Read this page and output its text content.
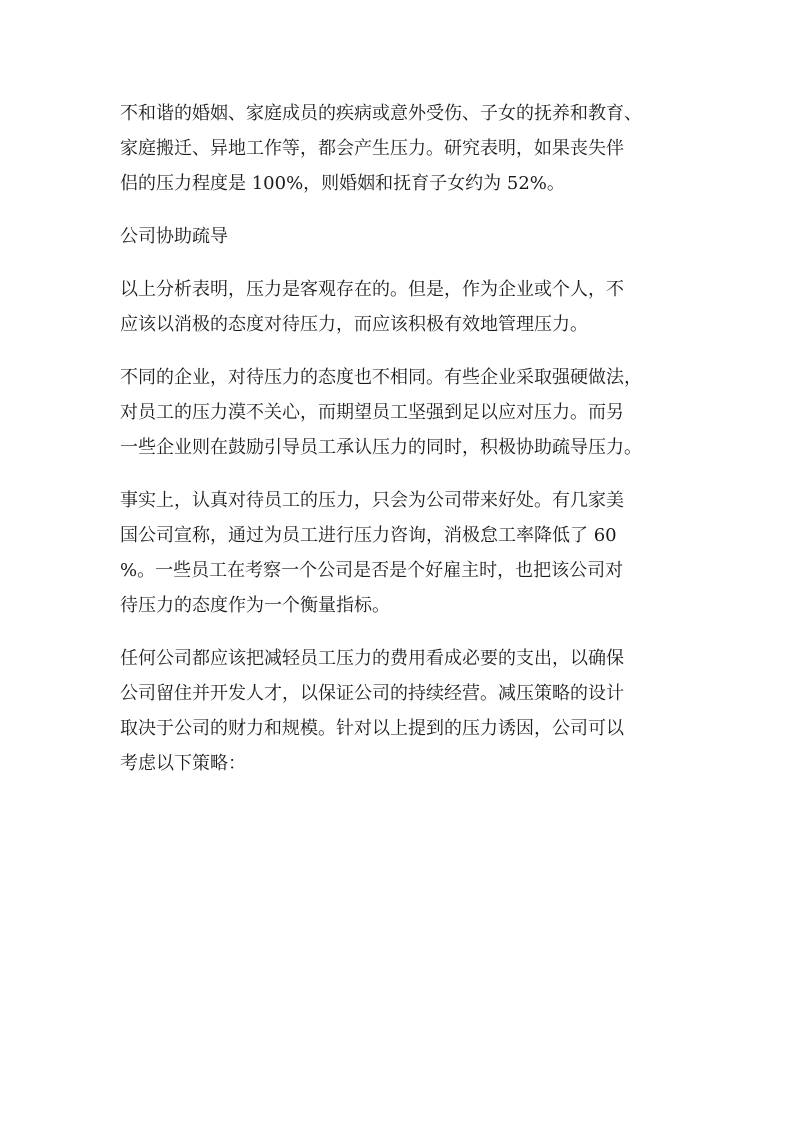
不和谐的婚姻、家庭成员的疾病或意外受伤、子女的抚养和教育、
家庭搬迁、异地工作等，都会产生压力。研究表明，如果丧失伴
侣的压力程度是 100%，则婚姻和抚育子女约为 52%。

公司协助疏导

以上分析表明，压力是客观存在的。但是，作为企业或个人，不
应该以消极的态度对待压力，而应该积极有效地管理压力。

不同的企业，对待压力的态度也不相同。有些企业采取强硬做法，
对员工的压力漠不关心，而期望员工坚强到足以应对压力。而另
一些企业则在鼓励引导员工承认压力的同时，积极协助疏导压力。

事实上，认真对待员工的压力，只会为公司带来好处。有几家美
国公司宣称，通过为员工进行压力咨询，消极怠工率降低了 60
%。一些员工在考察一个公司是否是个好雇主时，也把该公司对
待压力的态度作为一个衡量指标。

任何公司都应该把减轻员工压力的费用看成必要的支出，以确保
公司留住并开发人才，以保证公司的持续经营。减压策略的设计
取决于公司的财力和规模。针对以上提到的压力诱因，公司可以
考虑以下策略：
